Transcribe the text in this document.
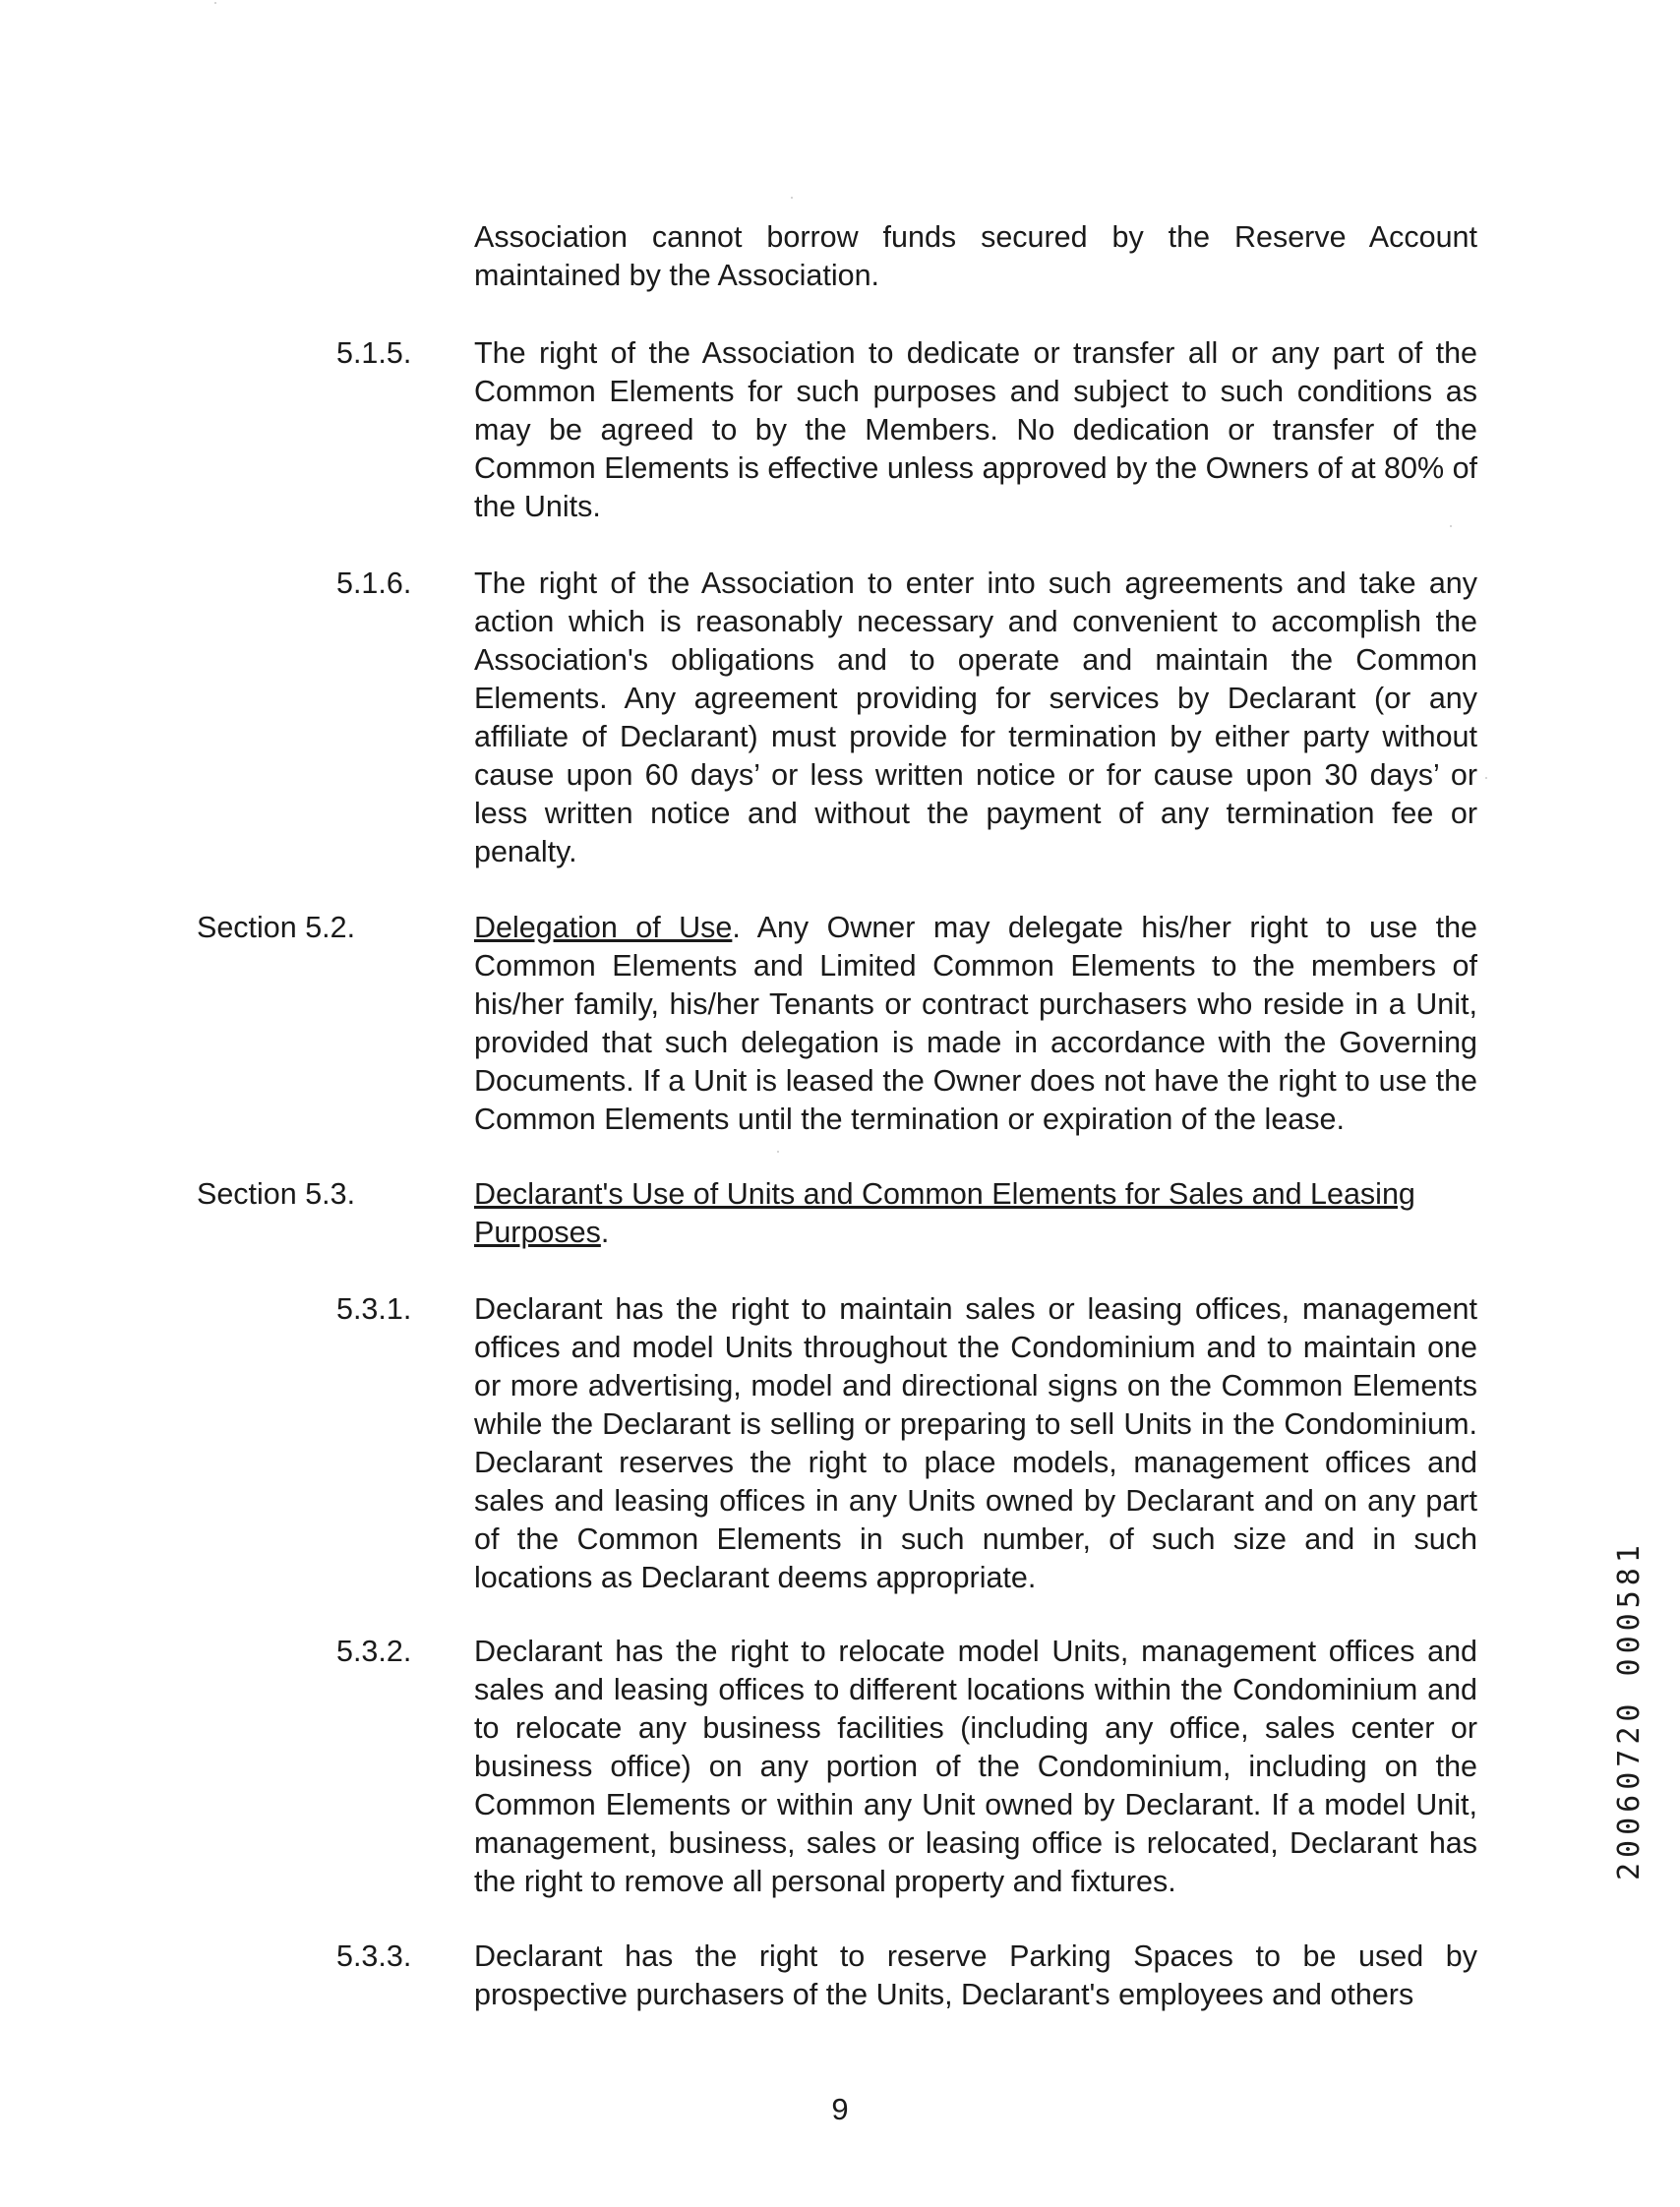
Association cannot borrow funds secured by the Reserve Account
maintained by the Association.
5.1.5. The right of the Association to dedicate or transfer all or any part of the Common Elements for such purposes and subject to such conditions as may be agreed to by the Members. No dedication or transfer of the Common Elements is effective unless approved by the Owners of at 80% of the Units.
5.1.6. The right of the Association to enter into such agreements and take any action which is reasonably necessary and convenient to accomplish the Association's obligations and to operate and maintain the Common Elements. Any agreement providing for services by Declarant (or any affiliate of Declarant) must provide for termination by either party without cause upon 60 days’ or less written notice or for cause upon 30 days’ or less written notice and without the payment of any termination fee or penalty.
Section 5.2.	Delegation of Use. Any Owner may delegate his/her right to use the Common Elements and Limited Common Elements to the members of his/her family, his/her Tenants or contract purchasers who reside in a Unit, provided that such delegation is made in accordance with the Governing Documents. If a Unit is leased the Owner does not have the right to use the Common Elements until the termination or expiration of the lease.
Section 5.3.	Declarant's Use of Units and Common Elements for Sales and Leasing Purposes.
5.3.1. Declarant has the right to maintain sales or leasing offices, management offices and model Units throughout the Condominium and to maintain one or more advertising, model and directional signs on the Common Elements while the Declarant is selling or preparing to sell Units in the Condominium. Declarant reserves the right to place models, management offices and sales and leasing offices in any Units owned by Declarant and on any part of the Common Elements in such number, of such size and in such locations as Declarant deems appropriate.
5.3.2. Declarant has the right to relocate model Units, management offices and sales and leasing offices to different locations within the Condominium and to relocate any business facilities (including any office, sales center or business office) on any portion of the Condominium, including on the Common Elements or within any Unit owned by Declarant. If a model Unit, management, business, sales or leasing office is relocated, Declarant has the right to remove all personal property and fixtures.
5.3.3. Declarant has the right to reserve Parking Spaces to be used by prospective purchasers of the Units, Declarant's employees and others
9
20060720 000581
